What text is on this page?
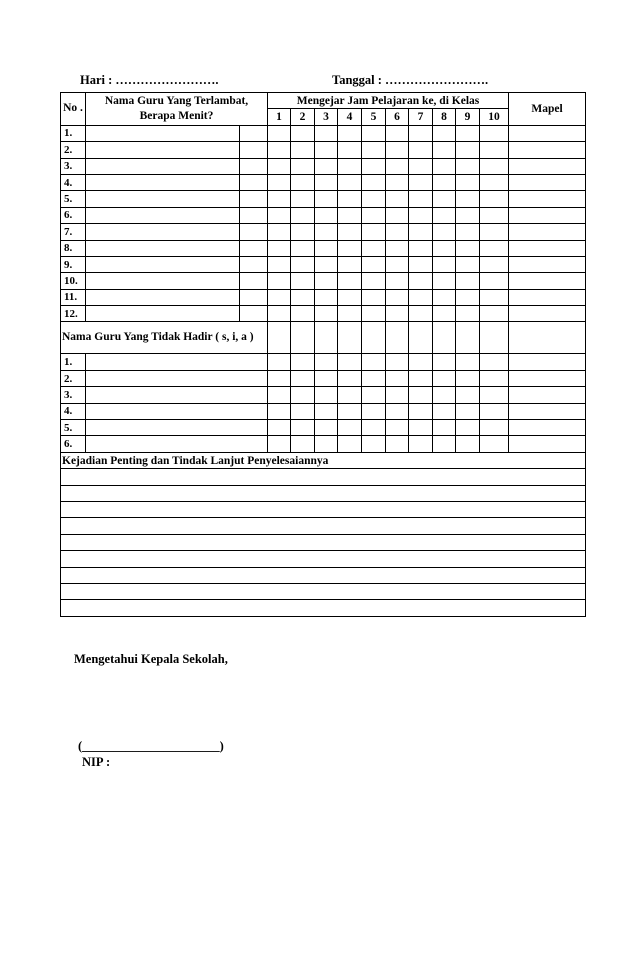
Hari : …………………….	Tanggal : …………………….
No .	Nama Guru Yang Terlambat, Berapa Menit?		Mengejar Jam Pelajaran ke, di Kelas										Mapel
			1	2	3	4	5	6	7	8	9	10	
1.													
2.													
3.													
4.													
5.													
6.													
7.													
8.													
9.													
10.													
11.													
12.													
Nama Guru Yang Tidak Hadir ( s, i, a )													
1.													
2.													
3.													
4.													
5.													
6.													
Kejadian Penting dan Tindak Lanjut Penyelesaiannya													

Mengetahui Kepala Sekolah,
(______________________)
NIP :
